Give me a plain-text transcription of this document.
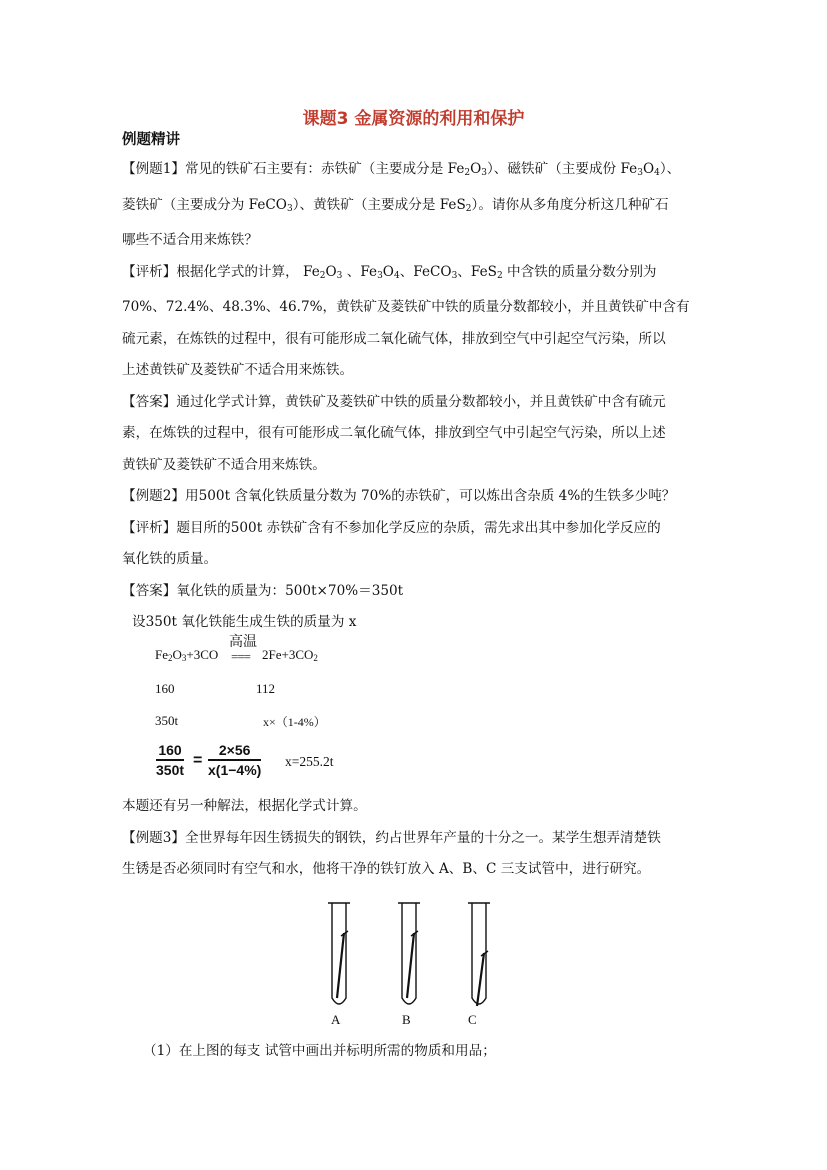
课题3 金属资源的利用和保护
例题精讲

【例题1】常见的铁矿石主要有：赤铁矿（主要成分是 $Fe_2O_3$）、磁铁矿（主要成份 $Fe_3O_4$）、

菱铁矿（主要成分为 FeCO$_3$）、黄铁矿（主要成分是 FeS$_2$）。请你从多角度分析这几种矿石

哪些不适合用来炼铁？

【评析】根据化学式的计算， $Fe_2O_3$ 、$Fe_3O_4$、FeCO$_3$、FeS$_2$ 中含铁的质量分数分别为

70%、72.4%、48.3%、46.7%，黄铁矿及菱铁矿中铁的质量分数都较小，并且黄铁矿中含有

硫元素，在炼铁的过程中，很有可能形成二氧化硫气体，排放到空气中引起空气污染，所以

上述黄铁矿及菱铁矿不适合用来炼铁。

【答案】通过化学式计算，黄铁矿及菱铁矿中铁的质量分数都较小，并且黄铁矿中含有硫元

素，在炼铁的过程中，很有可能形成二氧化硫气体，排放到空气中引起空气污染，所以上述

黄铁矿及菱铁矿不适合用来炼铁。

【例题2】用500t 含氧化铁质量分数为 70%的赤铁矿，可以炼出含杂质 4%的生铁多少吨？

【评析】题目所的500t 赤铁矿含有不参加化学反应的杂质，需先求出其中参加化学反应的

氧化铁的质量。

【答案】氧化铁的质量为：500t×70%＝350t

设350t 氧化铁能生成生铁的质量为 x

$Fe_2O_3+3CO$
高温
=== $2Fe+3CO_2$
160	112
350t	x×（1-4%）
$\frac{160}{350t} = \frac{2\times 56}{x(1-4\%)} x=255.2t$

本题还有另一种解法，根据化学式计算。

【例题3】全世界每年因生锈损失的钢铁，约占世界年产量的十分之一。某学生想弄清楚铁

生锈是否必须同时有空气和水，他将干净的铁钉放入 A、B、C 三支试管中，进行研究。

A	B	C
（1）在上图的每支 试管中画出并标明所需的物质和用品；
